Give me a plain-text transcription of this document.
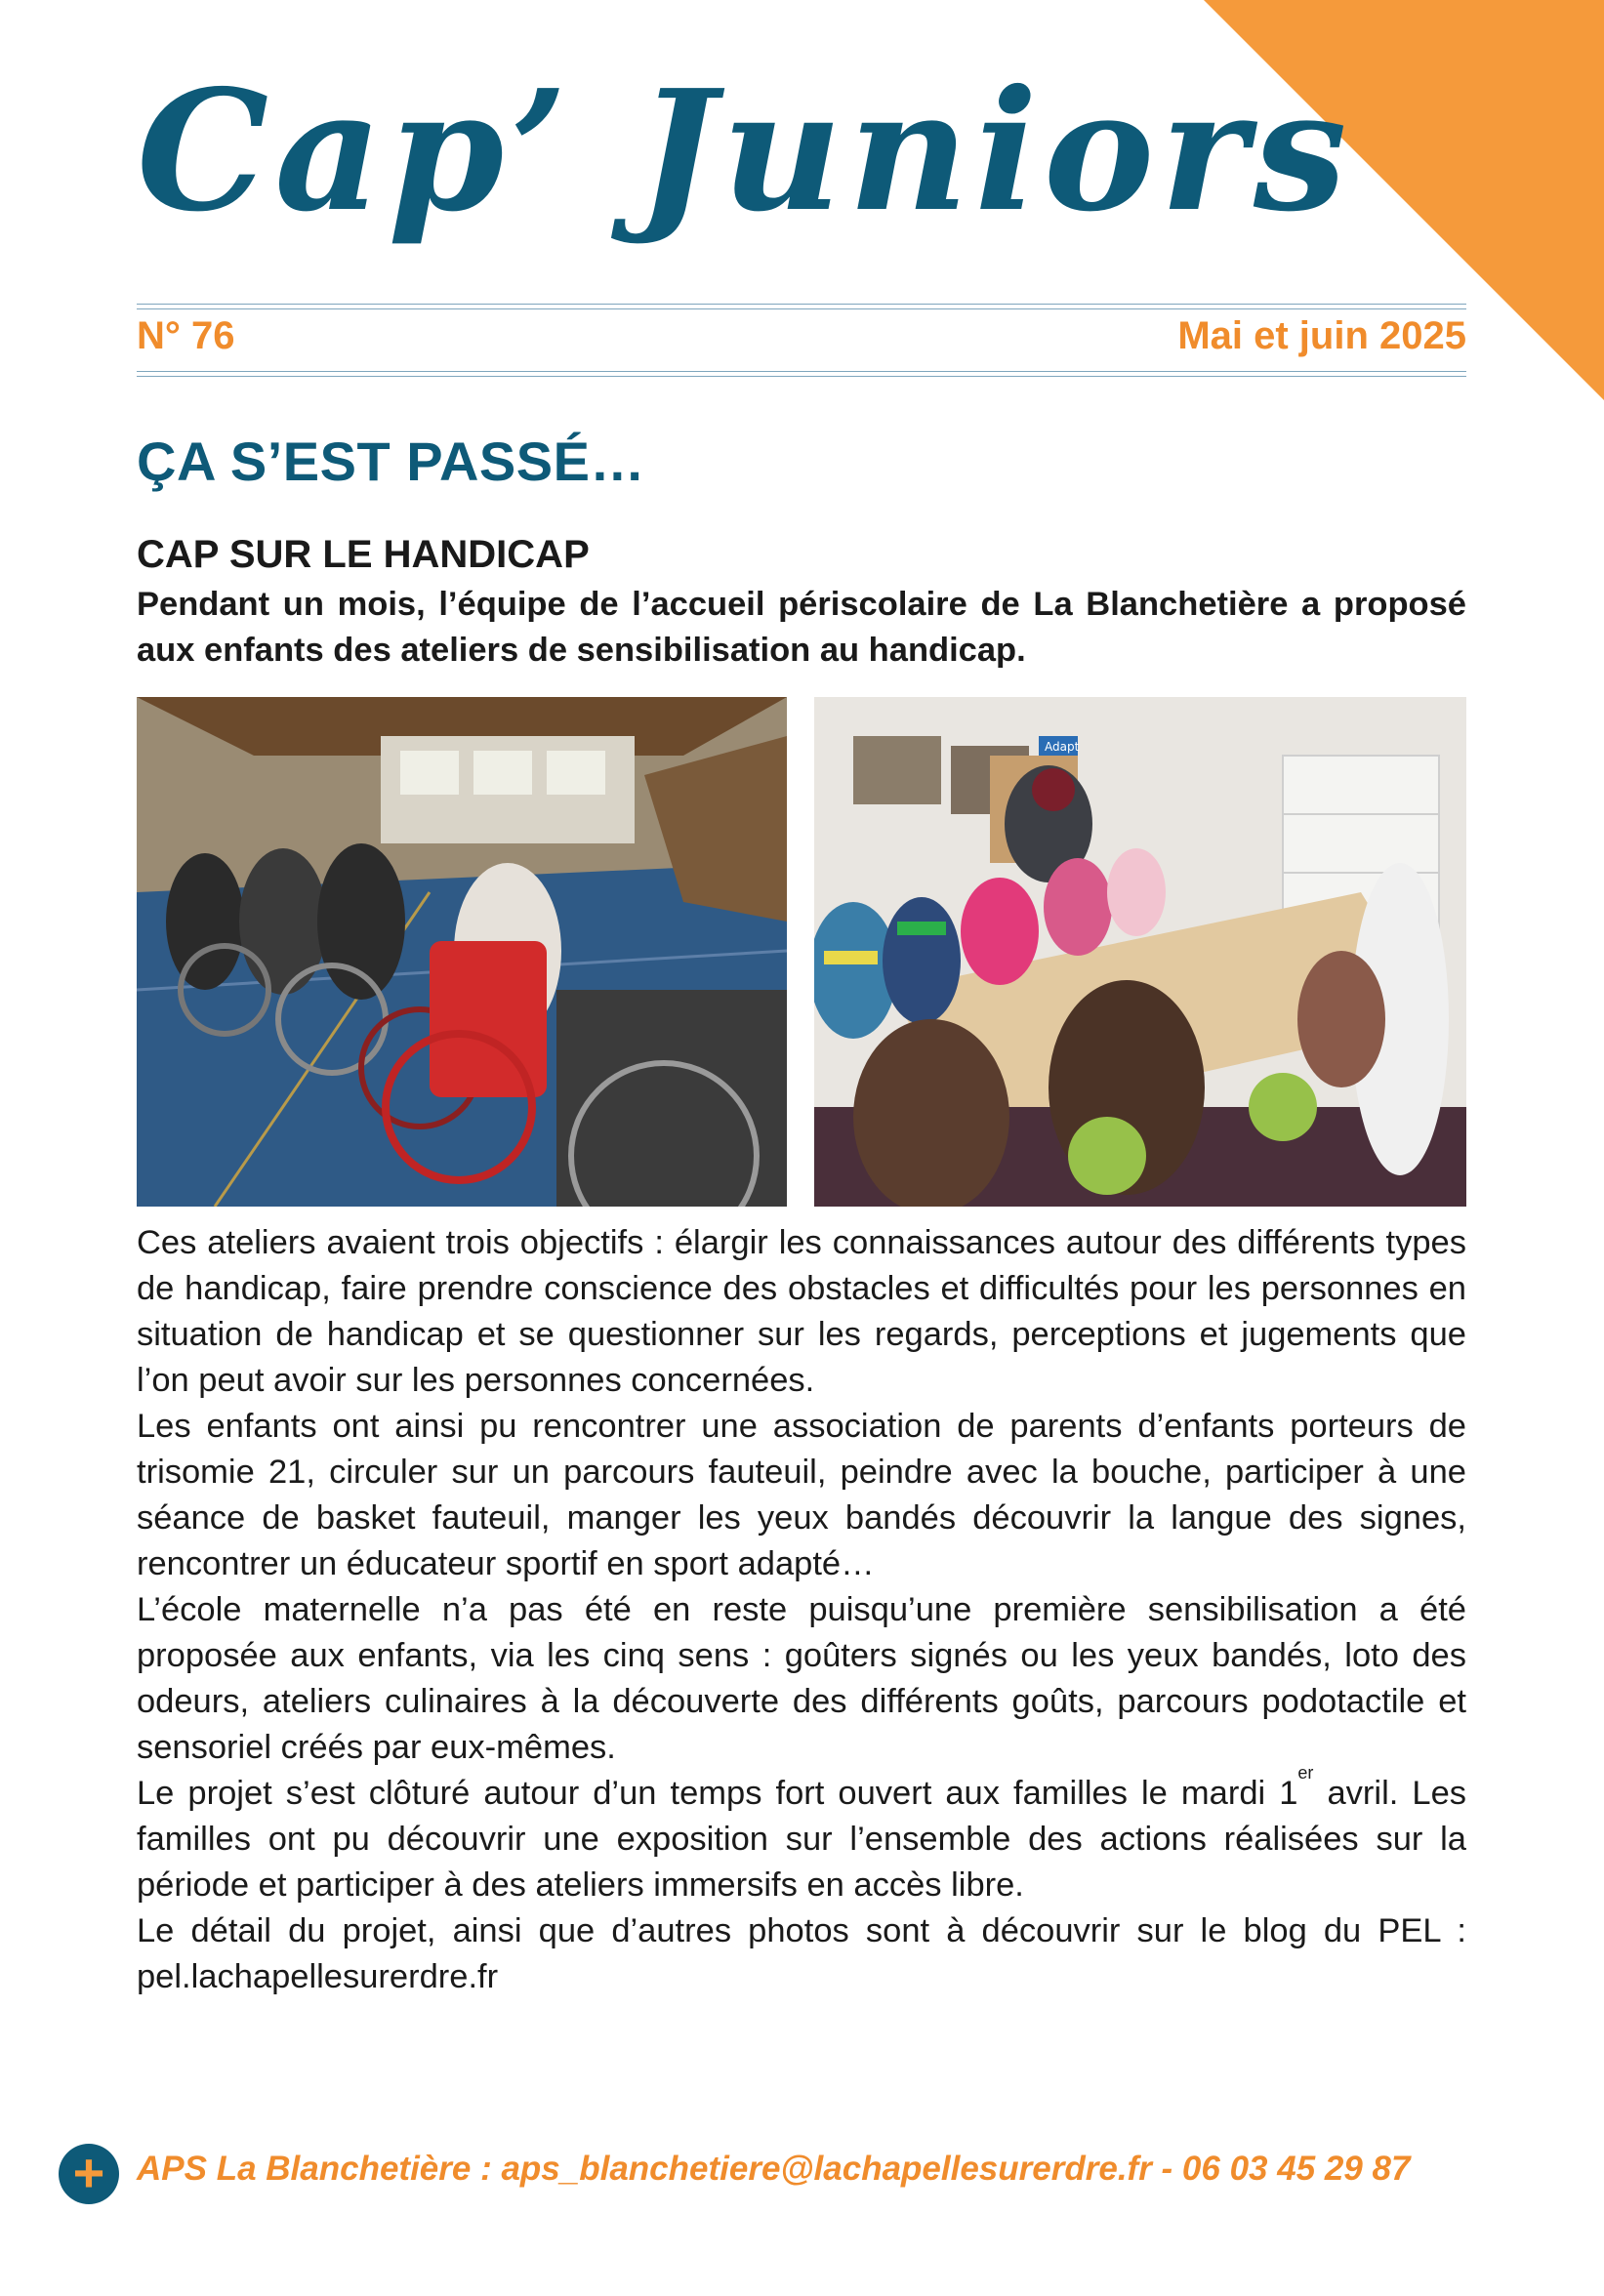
Cap’ Juniors
N° 76	Mai et juin 2025
ÇA S’EST PASSÉ…
CAP SUR LE HANDICAP
Pendant un mois, l’équipe de l’accueil périscolaire de La Blanchetière a proposé aux enfants des ateliers de sensibilisation au handicap.
Adapt

Ces ateliers avaient trois objectifs : élargir les connaissances autour des différents types de handicap, faire prendre conscience des obstacles et difficultés pour les personnes en situation de handicap et se questionner sur les regards, perceptions et jugements que l’on peut avoir sur les personnes concernées.

Les enfants ont ainsi pu rencontrer une association de parents d’enfants porteurs de trisomie 21, circuler sur un parcours fauteuil, peindre avec la bouche, participer à une séance de basket fauteuil, manger les yeux bandés découvrir la langue des signes, rencontrer un éducateur sportif en sport adapté…

L’école maternelle n’a pas été en reste puisqu’une première sensibilisation a été proposée aux enfants, via les cinq sens : goûters signés ou les yeux bandés, loto des odeurs, ateliers culinaires à la découverte des différents goûts, parcours podotactile et sensoriel créés par eux-mêmes.

Le projet s’est clôturé autour d’un temps fort ouvert aux familles le mardi 1er avril. Les familles ont pu découvrir une exposition sur l’ensemble des actions réalisées sur la période et participer à des ateliers immersifs en accès libre.

Le détail du projet, ainsi que d’autres photos sont à découvrir sur le blog du PEL : pel.lachapellesurerdre.fr

+ APS La Blanchetière : aps_blanchetiere@lachapellesurerdre.fr - 06 03 45 29 87
